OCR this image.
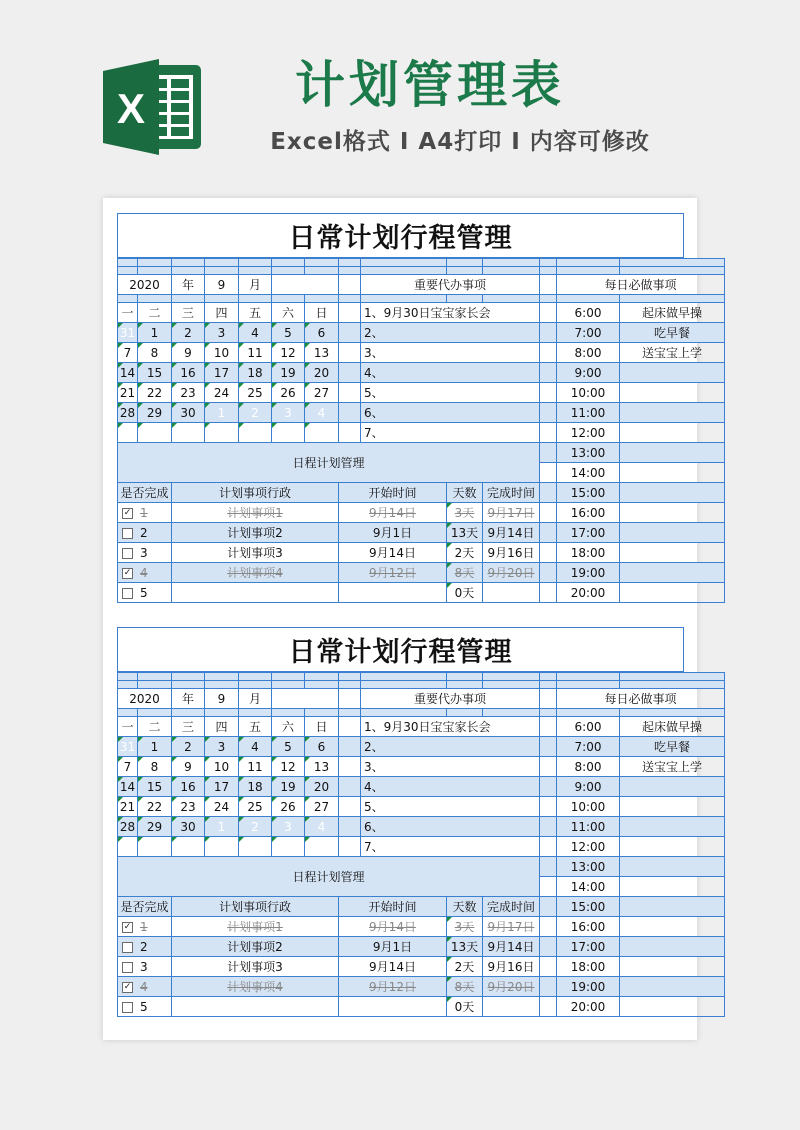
X	计划管理表
Excel格式 I A4打印 I 内容可修改
日常计划行程管理

2020		年	9	月				重要代办事项				每日必做事项	

一	二	三	四	五	六	日		1、9月30日宝宝家长会				6:00	起床做早操
31	1	2	3	4	5	6		2、				7:00	吃早餐
7	8	9	10	11	12	13		3、				8:00	送宝宝上学
14	15	16	17	18	19	20		4、				9:00	
21	22	23	24	25	26	27		5、				10:00	
28	29	30	1	2	3	4		6、				11:00	
								7、				12:00	
日程计划管理												13:00	
												14:00	
是否完成		计划事项行政					开始时间		天数	完成时间		15:00	
✓ 1		计划事项1					9月14日		3天	9月17日		16:00	
2		计划事项2					9月1日		13天	9月14日		17:00	
3		计划事项3					9月14日		2天	9月16日		18:00	
✓ 4		计划事项4					9月12日		8天	9月20日		19:00	
5									0天			20:00	
日常计划行程管理

2020		年	9	月				重要代办事项				每日必做事项	

一	二	三	四	五	六	日		1、9月30日宝宝家长会				6:00	起床做早操
31	1	2	3	4	5	6		2、				7:00	吃早餐
7	8	9	10	11	12	13		3、				8:00	送宝宝上学
14	15	16	17	18	19	20		4、				9:00	
21	22	23	24	25	26	27		5、				10:00	
28	29	30	1	2	3	4		6、				11:00	
								7、				12:00	
日程计划管理												13:00	
												14:00	
是否完成		计划事项行政					开始时间		天数	完成时间		15:00	
✓ 1		计划事项1					9月14日		3天	9月17日		16:00	
2		计划事项2					9月1日		13天	9月14日		17:00	
3		计划事项3					9月14日		2天	9月16日		18:00	
✓ 4		计划事项4					9月12日		8天	9月20日		19:00	
5									0天			20:00	
